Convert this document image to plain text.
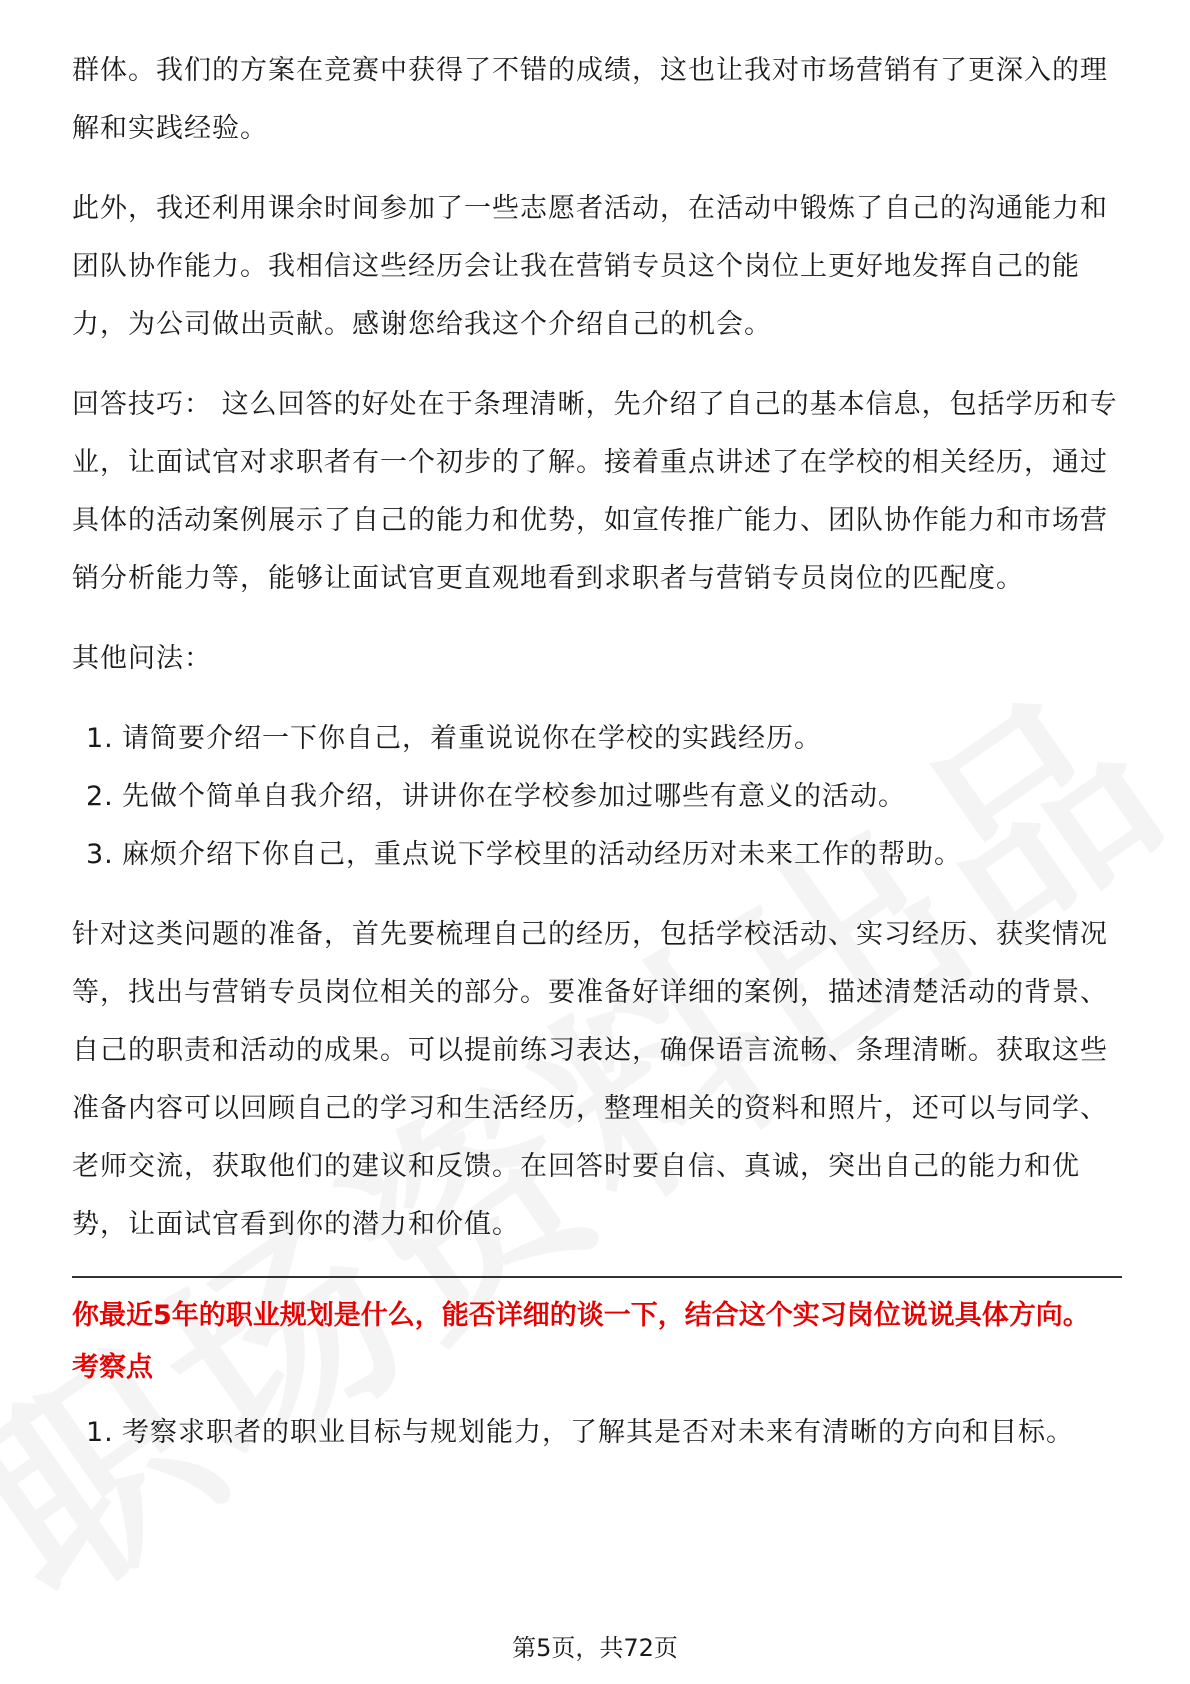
群体。我们的方案在竞赛中获得了不错的成绩，这也让我对市场营销有了更深入的理解和实践经验。

此外，我还利用课余时间参加了一些志愿者活动，在活动中锻炼了自己的沟通能力和团队协作能力。我相信这些经历会让我在营销专员这个岗位上更好地发挥自己的能力，为公司做出贡献。感谢您给我这个介绍自己的机会。

回答技巧： 这么回答的好处在于条理清晰，先介绍了自己的基本信息，包括学历和专业，让面试官对求职者有一个初步的了解。接着重点讲述了在学校的相关经历，通过具体的活动案例展示了自己的能力和优势，如宣传推广能力、团队协作能力和市场营销分析能力等，能够让面试官更直观地看到求职者与营销专员岗位的匹配度。

其他问法：

1. 请简要介绍一下你自己，着重说说你在学校的实践经历。
2. 先做个简单自我介绍，讲讲你在学校参加过哪些有意义的活动。
3. 麻烦介绍下你自己，重点说下学校里的活动经历对未来工作的帮助。

针对这类问题的准备，首先要梳理自己的经历，包括学校活动、实习经历、获奖情况等，找出与营销专员岗位相关的部分。要准备好详细的案例，描述清楚活动的背景、自己的职责和活动的成果。可以提前练习表达，确保语言流畅、条理清晰。获取这些准备内容可以回顾自己的学习和生活经历，整理相关的资料和照片，还可以与同学、老师交流，获取他们的建议和反馈。在回答时要自信、真诚，突出自己的能力和优势，让面试官看到你的潜力和价值。

你最近5年的职业规划是什么，能否详细的谈一下，结合这个实习岗位说说具体方向。

考察点

1. 考察求职者的职业目标与规划能力，了解其是否对未来有清晰的方向和目标。
第5页，共72页
